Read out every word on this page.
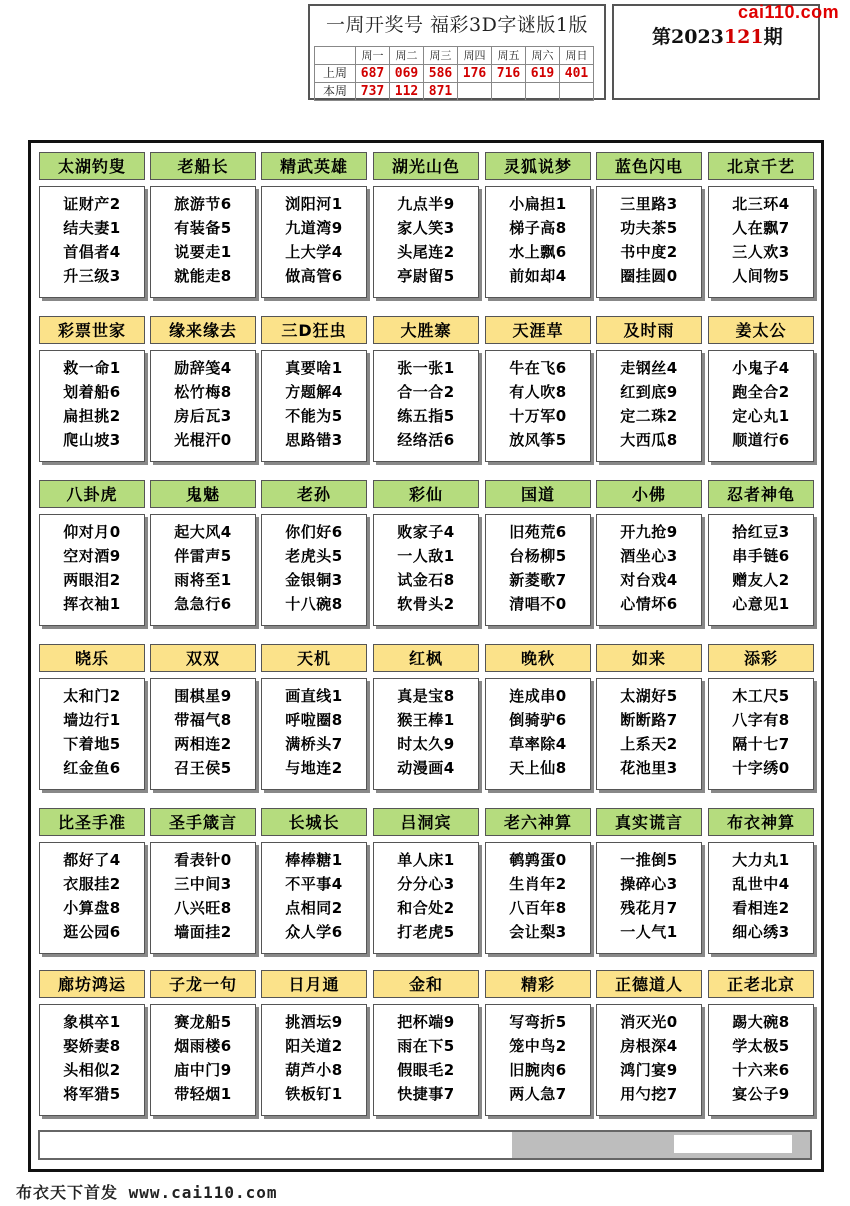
一周开奖号 福彩3D字谜版1版
	周一	周二	周三	周四	周五	周六	周日
上周	687	069	586	176	716	619	401
本周	737	112	871				
第2023121期
cai110.com
太湖钓叟
证财产2
结夫妻1
首倡者4
升三级3
老船长
旅游节6
有装备5
说要走1
就能走8
精武英雄
浏阳河1
九道湾9
上大学4
做高管6
湖光山色
九点半9
家人笑3
头尾连2
亭尉留5
灵狐说梦
小扁担1
梯子高8
水上飘6
前如却4
蓝色闪电
三里路3
功夫茶5
书中度2
圈挂圆0
北京千艺
北三环4
人在飘7
三人欢3
人间物5
彩票世家
救一命1
划着船6
扁担挑2
爬山坡3
缘来缘去
励辞笺4
松竹梅8
房后瓦3
光棍汗0
三D狂虫
真要啥1
方题解4
不能为5
思路错3
大胜寨
张一张1
合一合2
练五指5
经络活6
天涯草
牛在飞6
有人吹8
十万军0
放风筝5
及时雨
走钢丝4
红到底9
定二珠2
大西瓜8
姜太公
小鬼子4
跑全合2
定心丸1
顺道行6
八卦虎
仰对月0
空对酒9
两眼泪2
挥衣袖1
鬼魅
起大风4
伴雷声5
雨将至1
急急行6
老孙
你们好6
老虎头5
金银铜3
十八碗8
彩仙
败家子4
一人敌1
试金石8
软骨头2
国道
旧苑荒6
台杨柳5
新菱歌7
清唱不0
小佛
开九抢9
酒坐心3
对台戏4
心情坏6
忍者神龟
拾红豆3
串手链6
赠友人2
心意见1
晓乐
太和门2
墙边行1
下着地5
红金鱼6
双双
围棋星9
带福气8
两相连2
召王侯5
天机
画直线1
呼啦圈8
满桥头7
与地连2
红枫
真是宝8
猴王棒1
时太久9
动漫画4
晚秋
连成串0
倒骑驴6
草率除4
天上仙8
如来
太湖好5
断断路7
上系天2
花池里3
添彩
木工尺5
八字有8
隔十七7
十字绣0
比圣手准
都好了4
衣服挂2
小算盘8
逛公园6
圣手箴言
看表针0
三中间3
八兴旺8
墙面挂2
长城长
棒棒糖1
不平事4
点相同2
众人学6
吕洞宾
单人床1
分分心3
和合处2
打老虎5
老六神算
鹌鹑蛋0
生肖年2
八百年8
会让梨3
真实谎言
一推倒5
操碎心3
残花月7
一人气1
布衣神算
大力丸1
乱世中4
看相连2
细心绣3
廊坊鸿运
象棋卒1
娶娇妻8
头相似2
将军猎5
子龙一句
赛龙船5
烟雨楼6
庙中门9
带轻烟1
日月通
挑酒坛9
阳关道2
葫芦小8
铁板钉1
金和
把杯端9
雨在下5
假眼毛2
快捷事7
精彩
写弯折5
笼中鸟2
旧腕肉6
两人急7
正德道人
消灭光0
房根深4
鸿门宴9
用勺挖7
正老北京
踢大碗8
学太极5
十六来6
宴公子9
布衣天下首发 www.cai110.com
